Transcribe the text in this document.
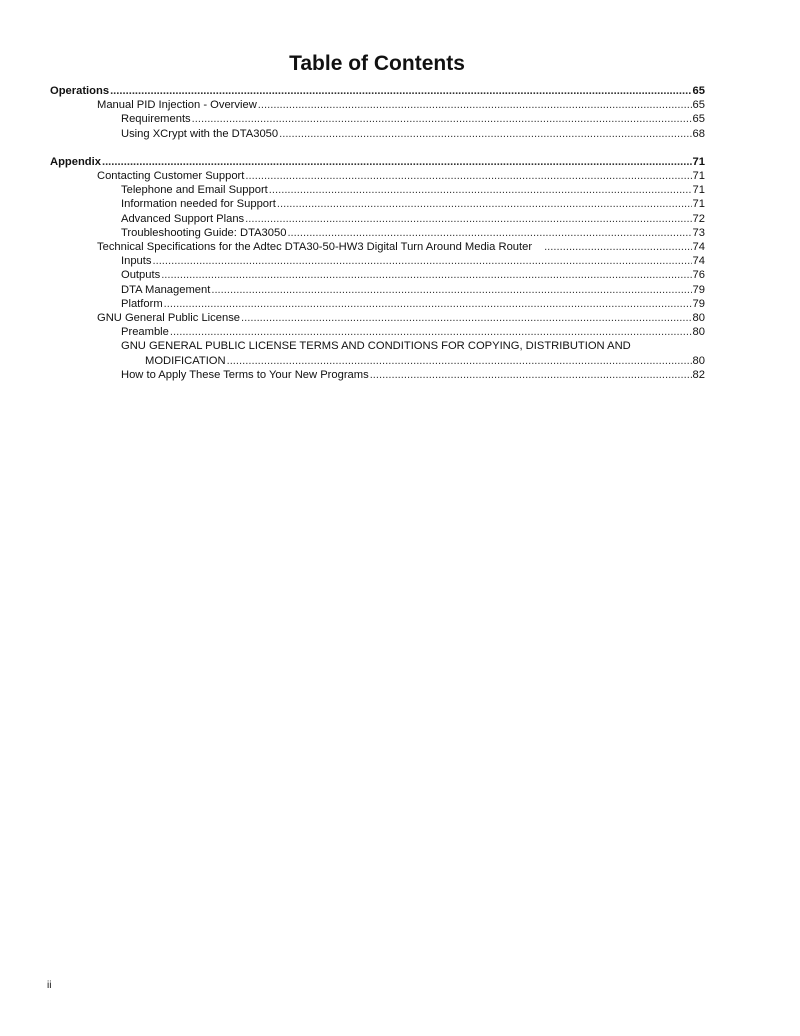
Table of Contents
Operations .....	65
Manual PID Injection - Overview .....	65
Requirements .....	65
Using XCrypt with the DTA3050 .....	68
Appendix .....	71
Contacting Customer Support .....	71
Telephone and Email Support .....	71
Information needed for Support .....	71
Advanced Support Plans .....	72
Troubleshooting Guide: DTA3050 .....	73
Technical Specifications for the Adtec DTA30-50-HW3 Digital Turn Around Media Router .....	74
Inputs .....	74
Outputs .....	76
DTA Management .....	79
Platform .....	79
GNU General Public License .....	80
Preamble .....	80
GNU GENERAL PUBLIC LICENSE TERMS AND CONDITIONS FOR COPYING, DISTRIBUTION AND
MODIFICATION .....	80
How to Apply These Terms to Your New Programs .....	82
ii
